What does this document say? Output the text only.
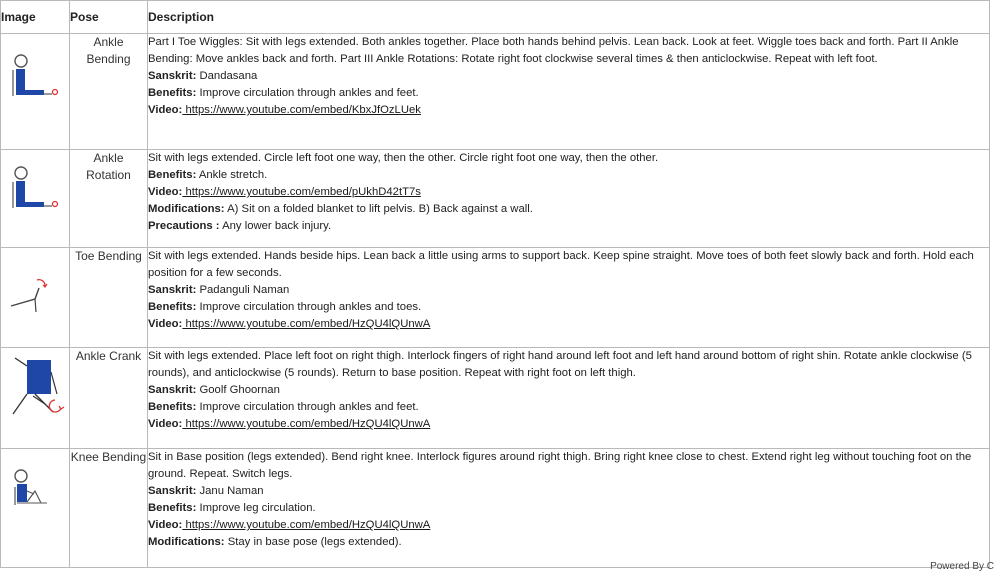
Image	Pose	Description

	Ankle Bending	Part I Toe Wiggles: Sit with legs extended. Both ankles together. Place both hands behind pelvis. Lean back. Look at feet. Wiggle toes back and forth. Part II Ankle Bending: Move ankles back and forth. Part III Ankle Rotations: Rotate right foot clockwise several times & then anticlockwise. Repeat with left foot.
Sanskrit: Dandasana
Benefits: Improve circulation through ankles and feet.
Video: https://www.youtube.com/embed/KbxJfOzLUek

	Ankle Rotation	Sit with legs extended. Circle left foot one way, then the other. Circle right foot one way, then the other.
Benefits: Ankle stretch.
Video: https://www.youtube.com/embed/pUkhD42tT7s
Modifications: A) Sit on a folded blanket to lift pelvis. B) Back against a wall.
Precautions : Any lower back injury.

	Toe Bending	Sit with legs extended. Hands beside hips. Lean back a little using arms to support back. Keep spine straight. Move toes of both feet slowly back and forth. Hold each position for a few seconds.
Sanskrit: Padanguli Naman
Benefits: Improve circulation through ankles and toes.
Video: https://www.youtube.com/embed/HzQU4lQUnwA

	Ankle Crank	Sit with legs extended. Place left foot on right thigh. Interlock fingers of right hand around left foot and left hand around bottom of right shin. Rotate ankle clockwise (5 rounds), and anticlockwise (5 rounds). Return to base position. Repeat with right foot on left thigh.
Sanskrit: Goolf Ghoornan
Benefits: Improve circulation through ankles and feet.
Video: https://www.youtube.com/embed/HzQU4lQUnwA

	Knee Bending	Sit in Base position (legs extended). Bend right knee. Interlock figures around right thigh. Bring right knee close to chest. Extend right leg without touching foot on the ground. Repeat. Switch legs.
Sanskrit: Janu Naman
Benefits: Improve leg circulation.
Video: https://www.youtube.com/embed/HzQU4lQUnwA
Modifications: Stay in base pose (legs extended).
Powered By C
